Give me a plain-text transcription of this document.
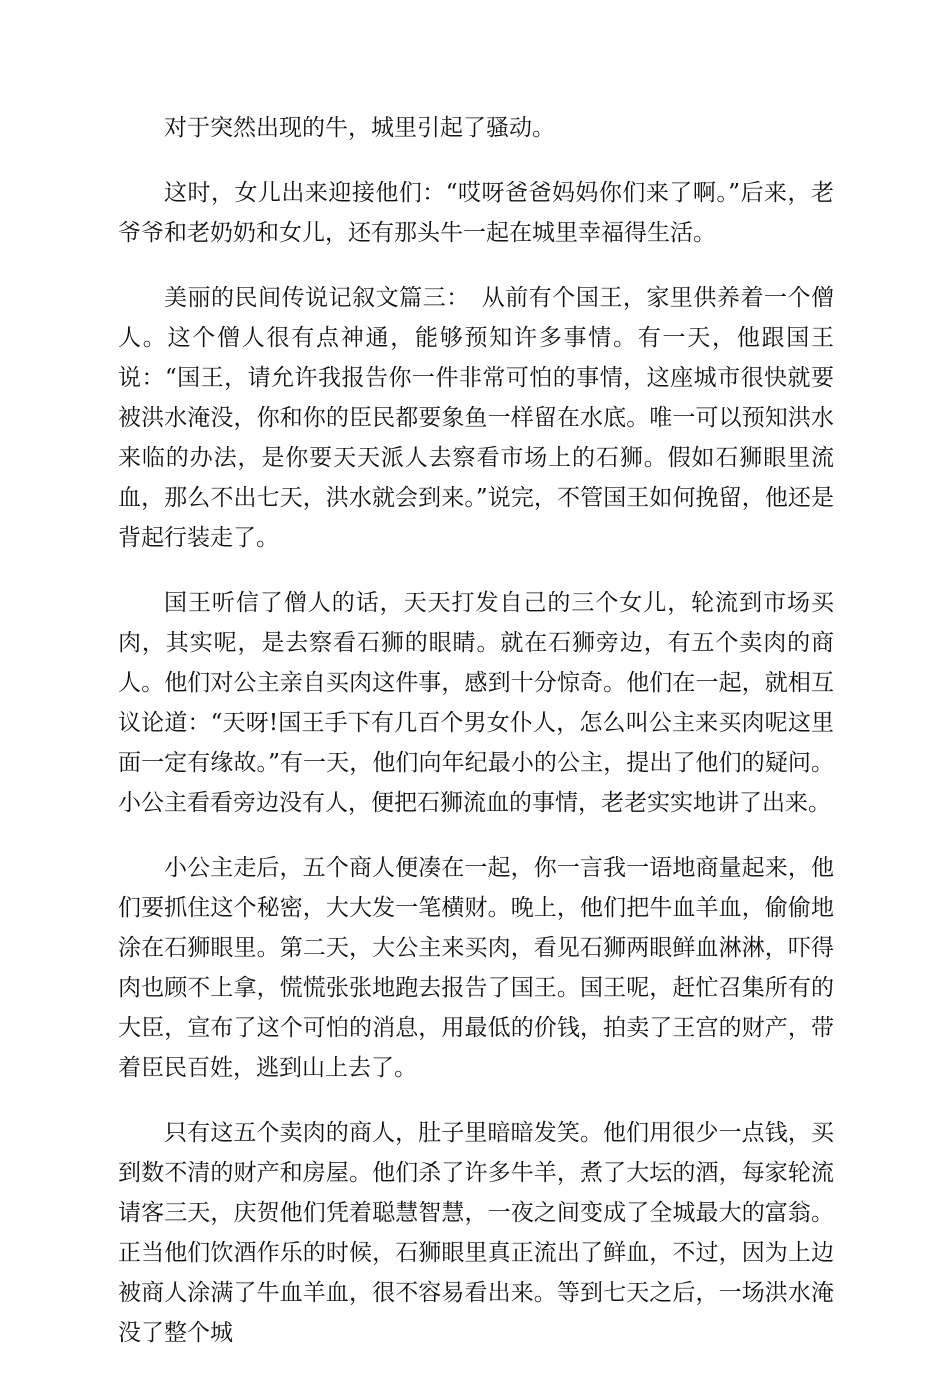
对于突然出现的牛，城里引起了骚动。

这时，女儿出来迎接他们：“哎呀爸爸妈妈你们来了啊。”后来，老爷爷和老奶奶和女儿，还有那头牛一起在城里幸福得生活。

美丽的民间传说记叙文篇三：　从前有个国王，家里供养着一个僧人。这个僧人很有点神通，能够预知许多事情。有一天，他跟国王说：“国王，请允许我报告你一件非常可怕的事情，这座城市很快就要被洪水淹没，你和你的臣民都要象鱼一样留在水底。唯一可以预知洪水来临的办法，是你要天天派人去察看市场上的石狮。假如石狮眼里流血，那么不出七天，洪水就会到来。”说完，不管国王如何挽留，他还是背起行装走了。

国王听信了僧人的话，天天打发自己的三个女儿，轮流到市场买肉，其实呢，是去察看石狮的眼睛。就在石狮旁边，有五个卖肉的商人。他们对公主亲自买肉这件事，感到十分惊奇。他们在一起，就相互议论道：“天呀!国王手下有几百个男女仆人，怎么叫公主来买肉呢这里面一定有缘故。”有一天，他们向年纪最小的公主，提出了他们的疑问。小公主看看旁边没有人，便把石狮流血的事情，老老实实地讲了出来。

小公主走后，五个商人便凑在一起，你一言我一语地商量起来，他们要抓住这个秘密，大大发一笔横财。晚上，他们把牛血羊血，偷偷地涂在石狮眼里。第二天，大公主来买肉，看见石狮两眼鲜血淋淋，吓得肉也顾不上拿，慌慌张张地跑去报告了国王。国王呢，赶忙召集所有的大臣，宣布了这个可怕的消息，用最低的价钱，拍卖了王宫的财产，带着臣民百姓，逃到山上去了。

只有这五个卖肉的商人，肚子里暗暗发笑。他们用很少一点钱，买到数不清的财产和房屋。他们杀了许多牛羊，煮了大坛的酒，每家轮流请客三天，庆贺他们凭着聪慧智慧，一夜之间变成了全城最大的富翁。正当他们饮酒作乐的时候，石狮眼里真正流出了鲜血，不过，因为上边被商人涂满了牛血羊血，很不容易看出来。等到七天之后，一场洪水淹没了整个城
